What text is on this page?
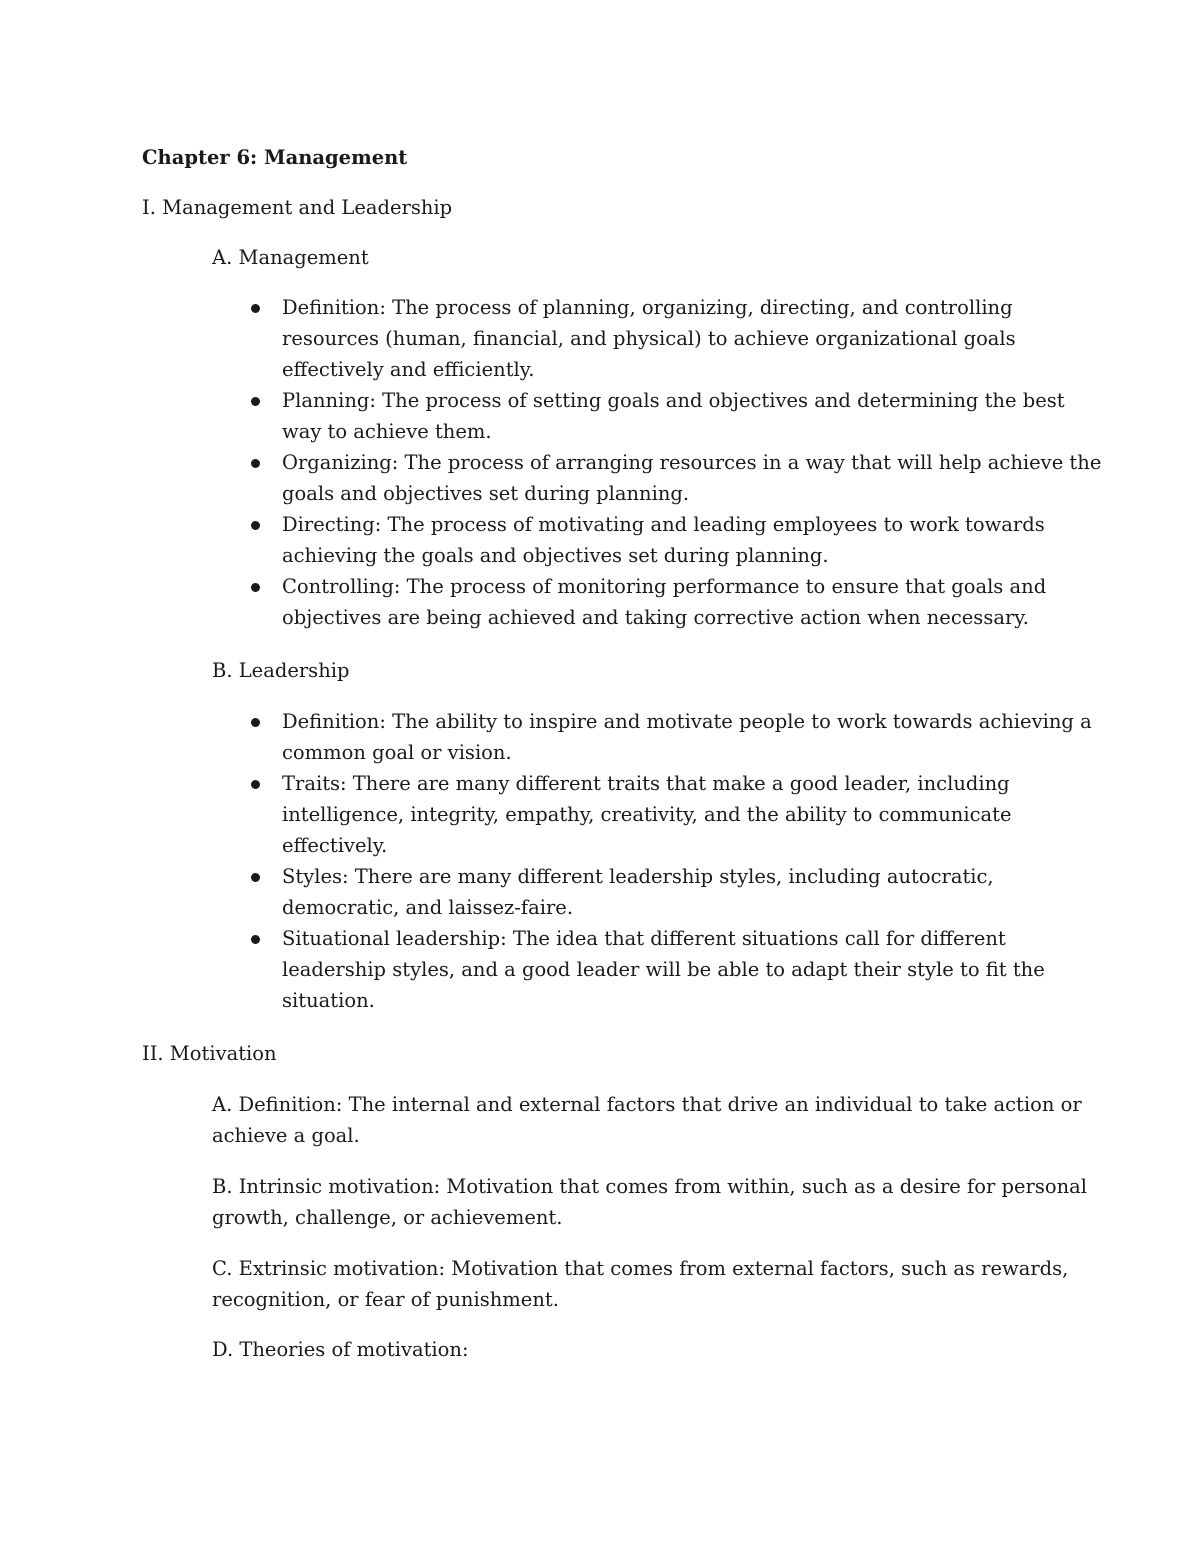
Chapter 6: Management
I. Management and Leadership
A. Management
Definition: The process of planning, organizing, directing, and controlling
resources (human, financial, and physical) to achieve organizational goals
effectively and efficiently.
Planning: The process of setting goals and objectives and determining the best
way to achieve them.
Organizing: The process of arranging resources in a way that will help achieve the
goals and objectives set during planning.
Directing: The process of motivating and leading employees to work towards
achieving the goals and objectives set during planning.
Controlling: The process of monitoring performance to ensure that goals and
objectives are being achieved and taking corrective action when necessary.
B. Leadership
Definition: The ability to inspire and motivate people to work towards achieving a
common goal or vision.
Traits: There are many different traits that make a good leader, including
intelligence, integrity, empathy, creativity, and the ability to communicate
effectively.
Styles: There are many different leadership styles, including autocratic,
democratic, and laissez-faire.
Situational leadership: The idea that different situations call for different
leadership styles, and a good leader will be able to adapt their style to fit the
situation.
II. Motivation
A. Definition: The internal and external factors that drive an individual to take action or
achieve a goal.
B. Intrinsic motivation: Motivation that comes from within, such as a desire for personal
growth, challenge, or achievement.
C. Extrinsic motivation: Motivation that comes from external factors, such as rewards,
recognition, or fear of punishment.
D. Theories of motivation:
